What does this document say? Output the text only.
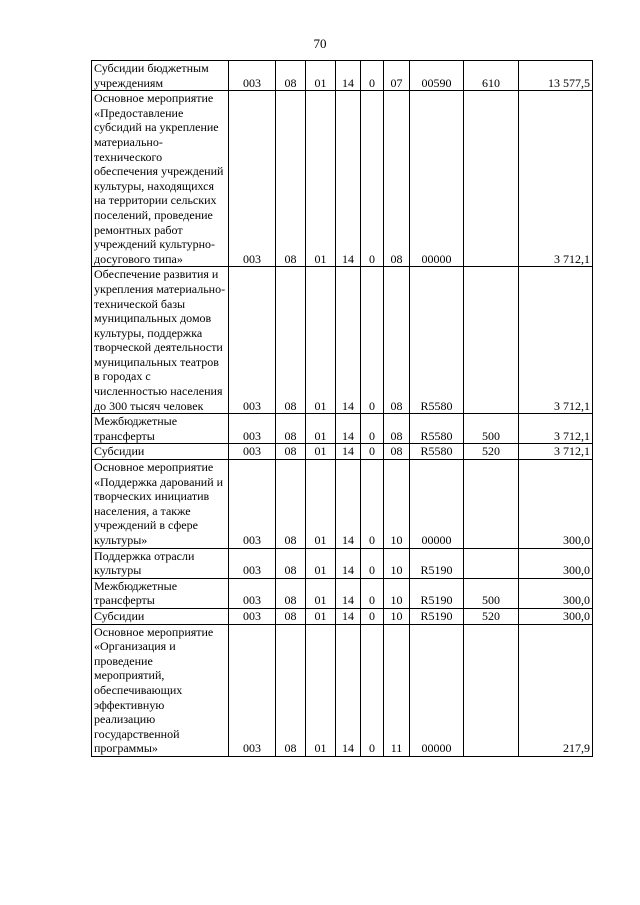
70
Субсидии бюджетным учреждениям	003	08	01	14	0	07	00590	610	13 577,5
Основное мероприятие «Предоставление субсидий на укрепление материально-технического обеспечения учреждений культуры, находящихся на территории сельских поселений, проведение ремонтных работ учреждений культурно-досугового типа»	003	08	01	14	0	08	00000		3 712,1
Обеспечение развития и укрепления материально-технической базы муниципальных домов культуры, поддержка творческой деятельности муниципальных театров в городах с численностью населения до 300 тысяч человек	003	08	01	14	0	08	R5580		3 712,1
Межбюджетные трансферты	003	08	01	14	0	08	R5580	500	3 712,1
Субсидии	003	08	01	14	0	08	R5580	520	3 712,1
Основное мероприятие «Поддержка дарований и творческих инициатив населения, а также учреждений в сфере культуры»	003	08	01	14	0	10	00000		300,0
Поддержка отрасли культуры	003	08	01	14	0	10	R5190		300,0
Межбюджетные трансферты	003	08	01	14	0	10	R5190	500	300,0
Субсидии	003	08	01	14	0	10	R5190	520	300,0
Основное мероприятие «Организация и проведение мероприятий, обеспечивающих эффективную реализацию государственной программы»	003	08	01	14	0	11	00000		217,9
